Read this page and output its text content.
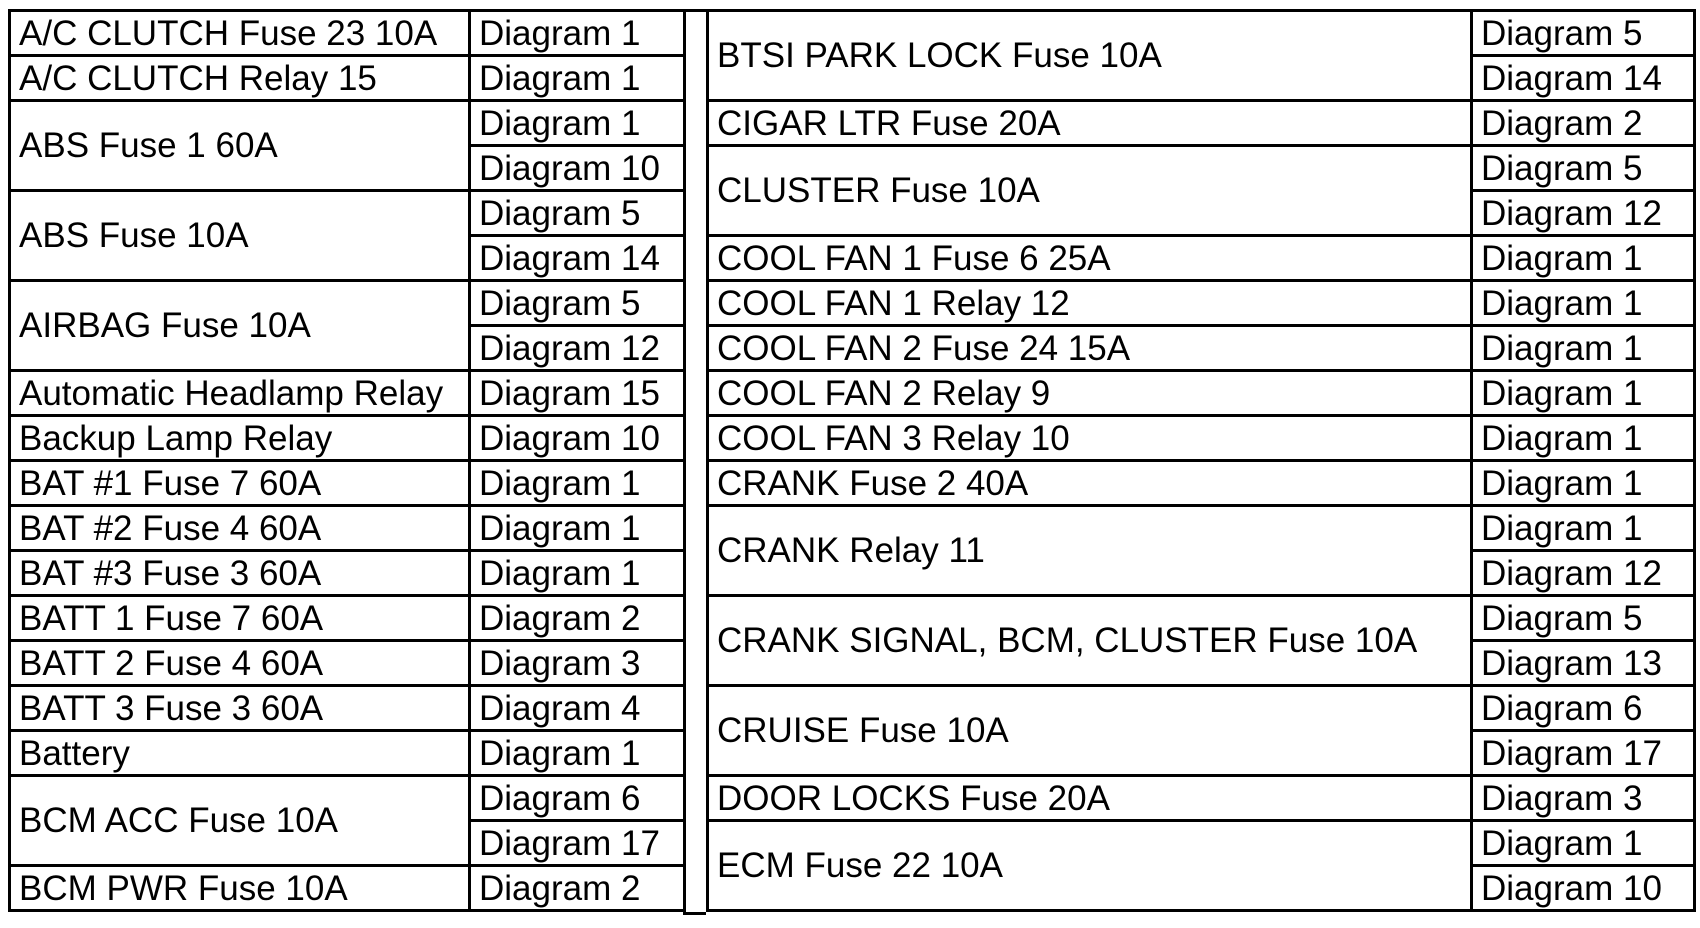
A/C CLUTCH Fuse 23 10A	Diagram 1
A/C CLUTCH Relay 15	Diagram 1
ABS Fuse 1 60A	Diagram 1
	Diagram 10
ABS Fuse 10A	Diagram 5
	Diagram 14
AIRBAG Fuse 10A	Diagram 5
	Diagram 12
Automatic Headlamp Relay	Diagram 15
Backup Lamp Relay	Diagram 10
BAT #1 Fuse 7 60A	Diagram 1
BAT #2 Fuse 4 60A	Diagram 1
BAT #3 Fuse 3 60A	Diagram 1
BATT 1 Fuse 7 60A	Diagram 2
BATT 2 Fuse 4 60A	Diagram 3
BATT 3 Fuse 3 60A	Diagram 4
Battery	Diagram 1
BCM ACC Fuse 10A	Diagram 6
	Diagram 17
BCM PWR Fuse 10A	Diagram 2
BTSI PARK LOCK Fuse 10A	Diagram 5
	Diagram 14
CIGAR LTR Fuse 20A	Diagram 2
CLUSTER Fuse 10A	Diagram 5
	Diagram 12
COOL FAN 1 Fuse 6 25A	Diagram 1
COOL FAN 1 Relay 12	Diagram 1
COOL FAN 2 Fuse 24 15A	Diagram 1
COOL FAN 2 Relay 9	Diagram 1
COOL FAN 3 Relay 10	Diagram 1
CRANK Fuse 2 40A	Diagram 1
CRANK Relay 11	Diagram 1
	Diagram 12
CRANK SIGNAL, BCM, CLUSTER Fuse 10A	Diagram 5
	Diagram 13
CRUISE Fuse 10A	Diagram 6
	Diagram 17
DOOR LOCKS Fuse 20A	Diagram 3
ECM Fuse 22 10A	Diagram 1
	Diagram 10
